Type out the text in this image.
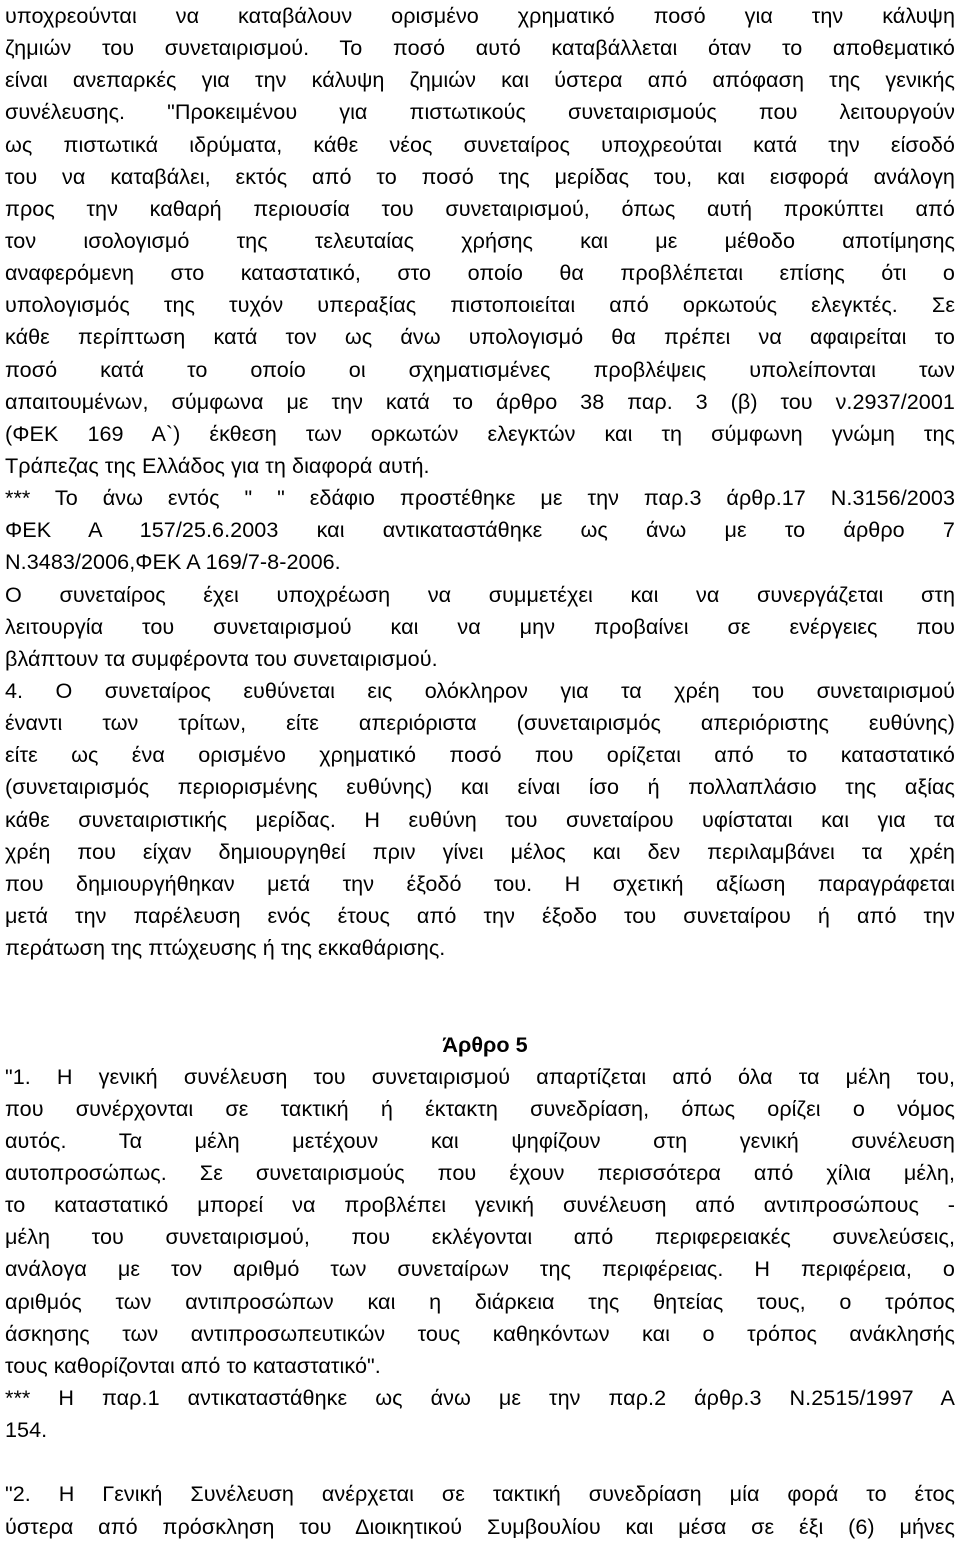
υποχρεούνται να καταβάλουν ορισμένο χρηματικό ποσό για την κάλυψη
ζημιών του συνεταιρισμού. Το ποσό αυτό καταβάλλεται όταν το αποθεματικό
είναι ανεπαρκές για την κάλυψη ζημιών και ύστερα από απόφαση της γενικής
συνέλευσης. "Προκειμένου για πιστωτικούς συνεταιρισμούς που λειτουργούν
ως πιστωτικά ιδρύματα, κάθε νέος συνεταίρος υποχρεούται κατά την είσοδό
του να καταβάλει, εκτός από το ποσό της μερίδας του, και εισφορά ανάλογη
προς την καθαρή περιουσία του συνεταιρισμού, όπως αυτή προκύπτει από
τον ισολογισμό της τελευταίας χρήσης και με μέθοδο αποτίμησης
αναφερόμενη στο καταστατικό, στο οποίο θα προβλέπεται επίσης ότι ο
υπολογισμός της τυχόν υπεραξίας πιστοποιείται από ορκωτούς ελεγκτές. Σε
κάθε περίπτωση κατά τον ως άνω υπολογισμό θα πρέπει να αφαιρείται το
ποσό κατά το οποίο οι σχηματισμένες προβλέψεις υπολείπονται των
απαιτουμένων, σύμφωνα με την κατά το άρθρο 38 παρ. 3 (β) του ν.2937/2001
(ΦΕΚ 169 Α`) έκθεση των ορκωτών ελεγκτών και τη σύμφωνη γνώμη της
Τράπεζας της Ελλάδος για τη διαφορά αυτή.
*** Το άνω εντός " " εδάφιο προστέθηκε με την παρ.3 άρθρ.17 Ν.3156/2003
ΦΕΚ Α 157/25.6.2003 και αντικαταστάθηκε ως άνω με το άρθρο 7
Ν.3483/2006,ΦΕΚ Α 169/7-8-2006.
Ο συνεταίρος έχει υποχρέωση να συμμετέχει και να συνεργάζεται στη
λειτουργία του συνεταιρισμού και να μην προβαίνει σε ενέργειες που
βλάπτουν τα συμφέροντα του συνεταιρισμού.
4. Ο συνεταίρος ευθύνεται εις ολόκληρον για τα χρέη του συνεταιρισμού
έναντι των τρίτων, είτε απεριόριστα (συνεταιρισμός απεριόριστης ευθύνης)
είτε ως ένα ορισμένο χρηματικό ποσό που ορίζεται από το καταστατικό
(συνεταιρισμός περιορισμένης ευθύνης) και είναι ίσο ή πολλαπλάσιο της αξίας
κάθε συνεταιριστικής μερίδας. Η ευθύνη του συνεταίρου υφίσταται και για τα
χρέη που είχαν δημιουργηθεί πριν γίνει μέλος και δεν περιλαμβάνει τα χρέη
που δημιουργήθηκαν μετά την έξοδό του. Η σχετική αξίωση παραγράφεται
μετά την παρέλευση ενός έτους από την έξοδο του συνεταίρου ή από την
περάτωση της πτώχευσης ή της εκκαθάρισης.
Άρθρο 5
"1. Η γενική συνέλευση του συνεταιρισμού απαρτίζεται από όλα τα μέλη του,
που συνέρχονται σε τακτική ή έκτακτη συνεδρίαση, όπως ορίζει ο νόμος
αυτός. Τα μέλη μετέχουν και ψηφίζουν στη γενική συνέλευση
αυτοπροσώπως. Σε συνεταιρισμούς που έχουν περισσότερα από χίλια μέλη,
το καταστατικό μπορεί να προβλέπει γενική συνέλευση από αντιπροσώπους -
μέλη του συνεταιρισμού, που εκλέγονται από περιφερειακές συνελεύσεις,
ανάλογα με τον αριθμό των συνεταίρων της περιφέρειας. Η περιφέρεια, ο
αριθμός των αντιπροσώπων και η διάρκεια της θητείας τους, ο τρόπος
άσκησης των αντιπροσωπευτικών τους καθηκόντων και ο τρόπος ανάκλησής
τους καθορίζονται από το καταστατικό".
*** Η παρ.1 αντικαταστάθηκε ως άνω με την παρ.2 άρθρ.3 Ν.2515/1997 Α
154.
"2. Η Γενική Συνέλευση ανέρχεται σε τακτική συνεδρίαση μία φορά το έτος
ύστερα από πρόσκληση του Διοικητικού Συμβουλίου και μέσα σε έξι (6) μήνες
